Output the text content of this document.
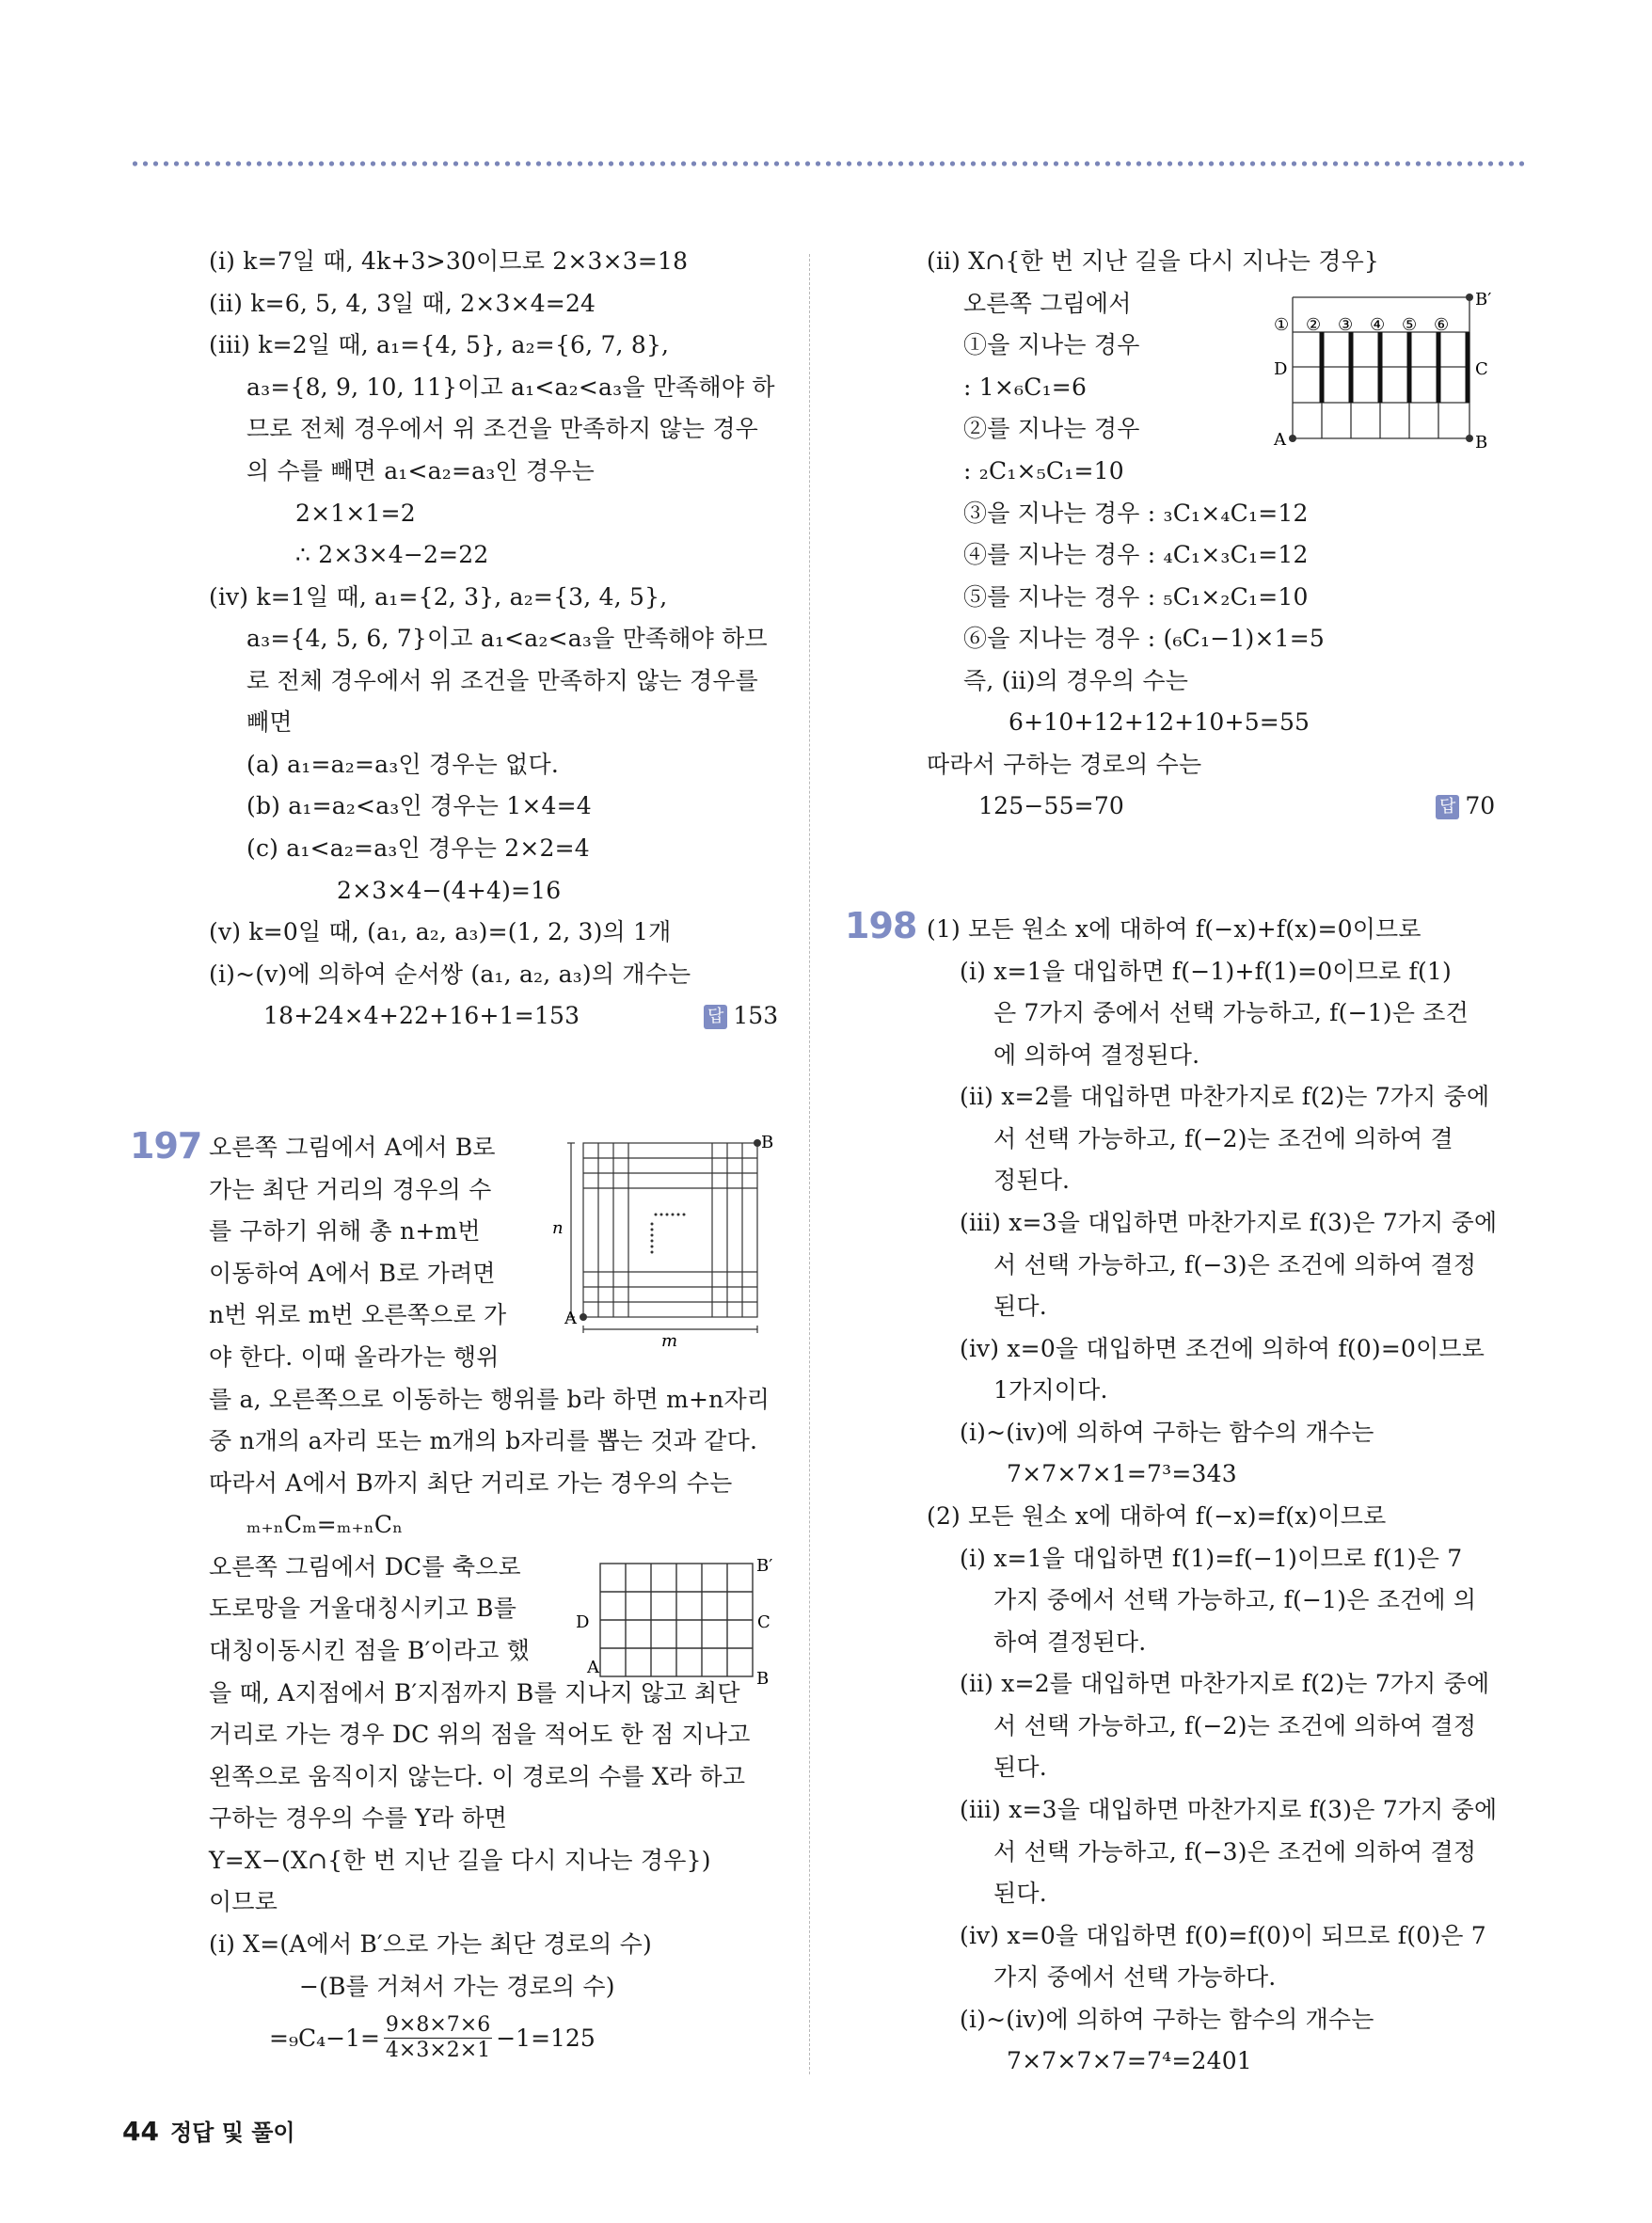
(ⅰ) k=7일 때, 4k+3>30이므로 2×3×3=18
(ⅱ) k=6, 5, 4, 3일 때, 2×3×4=24
(ⅲ) k=2일 때, a₁={4, 5}, a₂={6, 7, 8},
a₃={8, 9, 10, 11}이고 a₁<a₂<a₃을 만족해야 하
므로 전체 경우에서 위 조건을 만족하지 않는 경우
의 수를 빼면 a₁<a₂=a₃인 경우는
2×1×1=2
∴ 2×3×4−2=22
(ⅳ) k=1일 때, a₁={2, 3}, a₂={3, 4, 5},
a₃={4, 5, 6, 7}이고 a₁<a₂<a₃을 만족해야 하므
로 전체 경우에서 위 조건을 만족하지 않는 경우를
빼면
(a) a₁=a₂=a₃인 경우는 없다.
(b) a₁=a₂<a₃인 경우는 1×4=4
(c) a₁<a₂=a₃인 경우는 2×2=4
2×3×4−(4+4)=16
(ⅴ) k=0일 때, (a₁, a₂, a₃)=(1, 2, 3)의 1개
(ⅰ)~(ⅴ)에 의하여 순서쌍 (a₁, a₂, a₃)의 개수는
18+24×4+22+16+1=153	답 153
197 오른쪽 그림에서 A에서 B로
가는 최단 거리의 경우의 수
를 구하기 위해 총 n+m번
이동하여 A에서 B로 가려면
n번 위로 m번 오른쪽으로 가
야 한다. 이때 올라가는 행위
를 a, 오른쪽으로 이동하는 행위를 b라 하면 m+n자리
중 n개의 a자리 또는 m개의 b자리를 뽑는 것과 같다.
따라서 A에서 B까지 최단 거리로 가는 경우의 수는
ₘ₊ₙCₘ=ₘ₊ₙCₙ
오른쪽 그림에서 DC를 축으로
도로망을 거울대칭시키고 B를
대칭이동시킨 점을 B′이라고 했
을 때, A지점에서 B′지점까지 B를 지나지 않고 최단
거리로 가는 경우 DC 위의 점을 적어도 한 점 지나고
왼쪽으로 움직이지 않는다. 이 경로의 수를 X라 하고
구하는 경우의 수를 Y라 하면
Y=X−(X∩{한 번 지난 길을 다시 지나는 경우})
이므로
(ⅰ) X=(A에서 B′으로 가는 최단 경로의 수)
−(B를 거쳐서 가는 경로의 수)
$=_9C_4-1= \frac{9\times 8\times 7\times 6}{4\times 3\times 2\times 1} -1=125$
B
A
n
m
B′
D	C
A
B
(ⅱ) X∩{한 번 지난 길을 다시 지나는 경우}
오른쪽 그림에서
①을 지나는 경우
: 1×₆C₁=6
②를 지나는 경우
: ₂C₁×₅C₁=10
③을 지나는 경우 : ₃C₁×₄C₁=12
④를 지나는 경우 : ₄C₁×₃C₁=12
⑤를 지나는 경우 : ₅C₁×₂C₁=10
⑥을 지나는 경우 : (₆C₁−1)×1=5
즉, (ⅱ)의 경우의 수는
6+10+12+12+10+5=55
따라서 구하는 경로의 수는
125−55=70	답 70
① ② ③ ④ ⑤ ⑥
B′
D	C
A	B
198 (1) 모든 원소 x에 대하여 f(−x)+f(x)=0이므로
(ⅰ) x=1을 대입하면 f(−1)+f(1)=0이므로 f(1)
은 7가지 중에서 선택 가능하고, f(−1)은 조건
에 의하여 결정된다.
(ⅱ) x=2를 대입하면 마찬가지로 f(2)는 7가지 중에
서 선택 가능하고, f(−2)는 조건에 의하여 결
정된다.
(ⅲ) x=3을 대입하면 마찬가지로 f(3)은 7가지 중에
서 선택 가능하고, f(−3)은 조건에 의하여 결정
된다.
(ⅳ) x=0을 대입하면 조건에 의하여 f(0)=0이므로
1가지이다.
(ⅰ)~(ⅳ)에 의하여 구하는 함수의 개수는
7×7×7×1=7³=343
(2) 모든 원소 x에 대하여 f(−x)=f(x)이므로
(ⅰ) x=1을 대입하면 f(1)=f(−1)이므로 f(1)은 7
가지 중에서 선택 가능하고, f(−1)은 조건에 의
하여 결정된다.
(ⅱ) x=2를 대입하면 마찬가지로 f(2)는 7가지 중에
서 선택 가능하고, f(−2)는 조건에 의하여 결정
된다.
(ⅲ) x=3을 대입하면 마찬가지로 f(3)은 7가지 중에
서 선택 가능하고, f(−3)은 조건에 의하여 결정
된다.
(ⅳ) x=0을 대입하면 f(0)=f(0)이 되므로 f(0)은 7
가지 중에서 선택 가능하다.
(ⅰ)~(ⅳ)에 의하여 구하는 함수의 개수는
7×7×7×7=7⁴=2401
44 정답 및 풀이
